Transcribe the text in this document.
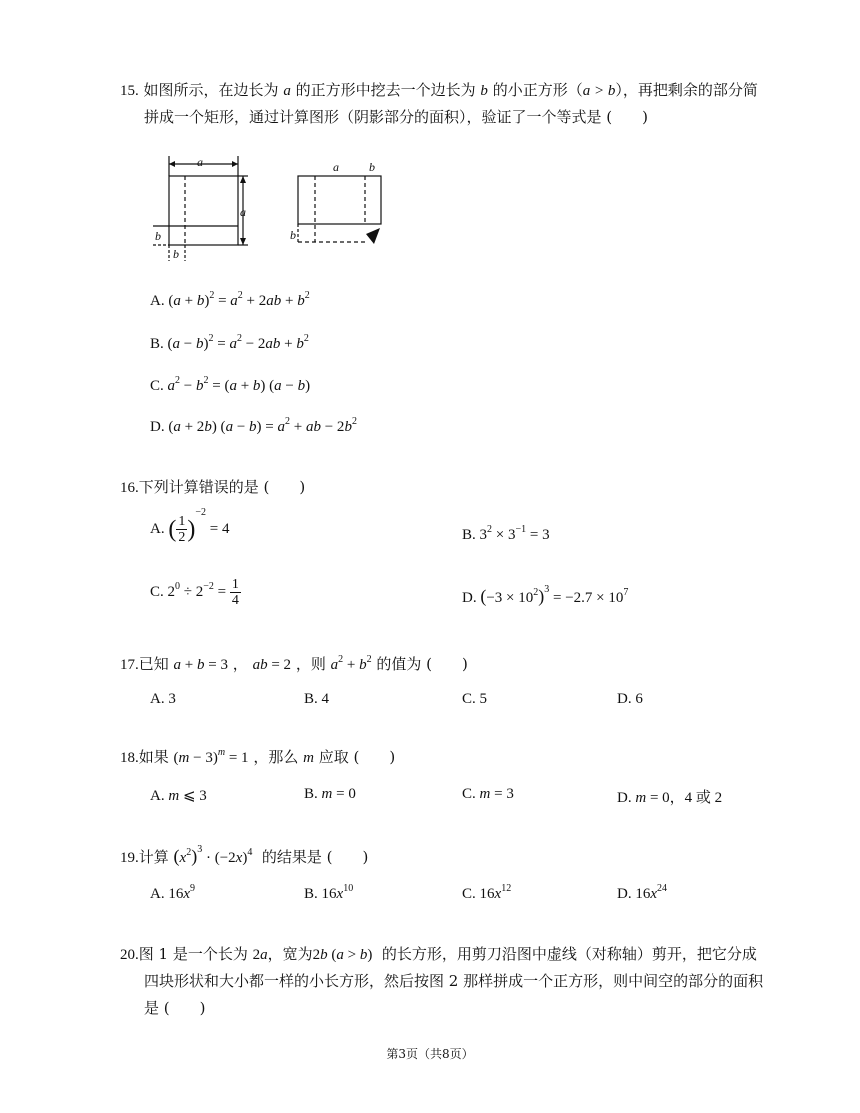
15. 如图所示，在边长为 a 的正方形中挖去一个边长为 b 的小正方形（a > b），再把剩余的部分简
拼成一个矩形，通过计算图形（阴影部分的面积），验证了一个等式是 (　　)
a
a
b
b
a	b
b
A. $(a + b)^2 = a^2 + 2ab + b^2$
B. $(a - b)^2 = a^2 - 2ab + b^2$
C. $a^2 - b^2 = (a + b) (a - b)$
D. (a + 2b) $(a - b) = a^2$ + ab − $2b^2$
16.下列计算错误的是 (　　)
A. ( $\frac{1}{2} )^{-2} = 4$	B. $3^2 \times 3^{-1} = 3$
C. $2^0 \div 2^{-2} = \frac{1}{4}$	D. $(-3 \times 10^2)^3 = -2.7 \times 10^7$
17.已知 a + b = 3 ， ab = 2 ，则 $a^2 + b^2$ 的值为 (　　)
A. 3	B. 4	C. 5	D. 6
18.如果 $(m - 3)^m = 1$ ，那么 m 应取 (　　)
A. m ⩽ 3	B. m = 0	C. m = 3	D. m = 0，4 或 2
19.计算 $(x^2)^3 \cdot (-2x)^4$ 的结果是 (　　)
A. $16x^9$	B. $16x^{10}$	C. $16x^{12}$	D. $16x^{24}$
20.图 1 是一个长为 2a，宽为2b (a > b) 的长方形，用剪刀沿图中虚线（对称轴）剪开，把它分成
四块形状和大小都一样的小长方形，然后按图 2 那样拼成一个正方形，则中间空的部分的面积
是 (　　)
第3页（共8页）
